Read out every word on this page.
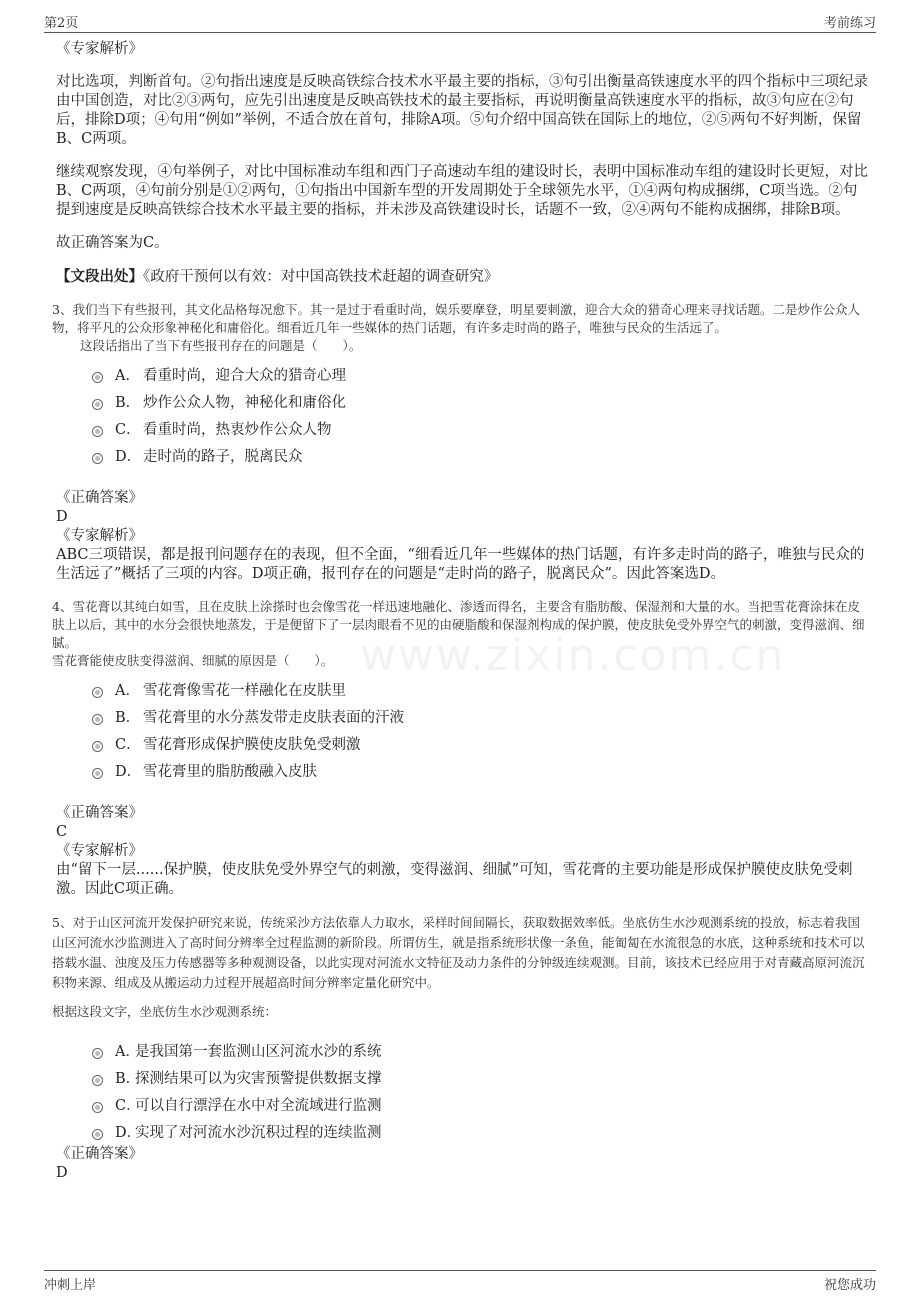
第2页	考前练习
www.zixin.com.cn

《专家解析》

对比选项，判断首句。②句指出速度是反映高铁综合技术水平最主要的指标，③句引出衡量高铁速度水平的四个指标中三项纪录由中国创造，对比②③两句，应先引出速度是反映高铁技术的最主要指标，再说明衡量高铁速度水平的指标，故③句应在②句后，排除D项；④句用“例如”举例，不适合放在首句，排除A项。⑤句介绍中国高铁在国际上的地位，②⑤两句不好判断，保留B、C两项。

继续观察发现，④句举例子，对比中国标准动车组和西门子高速动车组的建设时长，表明中国标准动车组的建设时长更短，对比B、C两项，④句前分别是①②两句，①句指出中国新车型的开发周期处于全球领先水平，①④两句构成捆绑，C项当选。②句提到速度是反映高铁综合技术水平最主要的指标，并未涉及高铁建设时长，话题不一致，②④两句不能构成捆绑，排除B项。

故正确答案为C。

【文段出处】《政府干预何以有效：对中国高铁技术赶超的调查研究》

3、我们当下有些报刊，其文化品格每况愈下。其一是过于看重时尚，娱乐要摩登，明星要刺激，迎合大众的猎奇心理来寻找话题。二是炒作公众人物，将平凡的公众形象神秘化和庸俗化。细看近几年一些媒体的热门话题，有许多走时尚的路子，唯独与民众的生活远了。

这段话指出了当下有些报刊存在的问题是（　　）。

A． 看重时尚，迎合大众的猎奇心理
B． 炒作公众人物，神秘化和庸俗化
C． 看重时尚，热衷炒作公众人物
D． 走时尚的路子，脱离民众

《正确答案》

D

《专家解析》

ABC三项错误，都是报刊问题存在的表现，但不全面，“细看近几年一些媒体的热门话题，有许多走时尚的路子，唯独与民众的生活远了”概括了三项的内容。D项正确，报刊存在的问题是“走时尚的路子，脱离民众”。因此答案选D。

4、雪花膏以其纯白如雪，且在皮肤上涂搽时也会像雪花一样迅速地融化、渗透而得名，主要含有脂肪酸、保湿剂和大量的水。当把雪花膏涂抹在皮肤上以后，其中的水分会很快地蒸发，于是便留下了一层肉眼看不见的由硬脂酸和保湿剂构成的保护膜，使皮肤免受外界空气的刺激，变得滋润、细腻。

雪花膏能使皮肤变得滋润、细腻的原因是（　　）。

A． 雪花膏像雪花一样融化在皮肤里
B． 雪花膏里的水分蒸发带走皮肤表面的汗液
C． 雪花膏形成保护膜使皮肤免受刺激
D． 雪花膏里的脂肪酸融入皮肤

《正确答案》

C

《专家解析》

由“留下一层......保护膜，使皮肤免受外界空气的刺激，变得滋润、细腻”可知，雪花膏的主要功能是形成保护膜使皮肤免受刺激。因此C项正确。

5、对于山区河流开发保护研究来说，传统采沙方法依靠人力取水，采样时间间隔长，获取数据效率低。坐底仿生水沙观测系统的投放，标志着我国山区河流水沙监测进入了高时间分辨率全过程监测的新阶段。所谓仿生，就是指系统形状像一条鱼，能匍匐在水流很急的水底，这种系统和技术可以搭载水温、浊度及压力传感器等多种观测设备，以此实现对河流水文特征及动力条件的分钟级连续观测。目前，该技术已经应用于对青藏高原河流沉积物来源、组成及从搬运动力过程开展超高时间分辨率定量化研究中。

根据这段文字，坐底仿生水沙观测系统：

A．
是我国第一套监测山区河流水沙的系统
B．
探测结果可以为灾害预警提供数据支撑
C．
可以自行漂浮在水中对全流域进行监测
D．
实现了对河流水沙沉积过程的连续监测

《正确答案》

D

冲刺上岸	祝您成功
